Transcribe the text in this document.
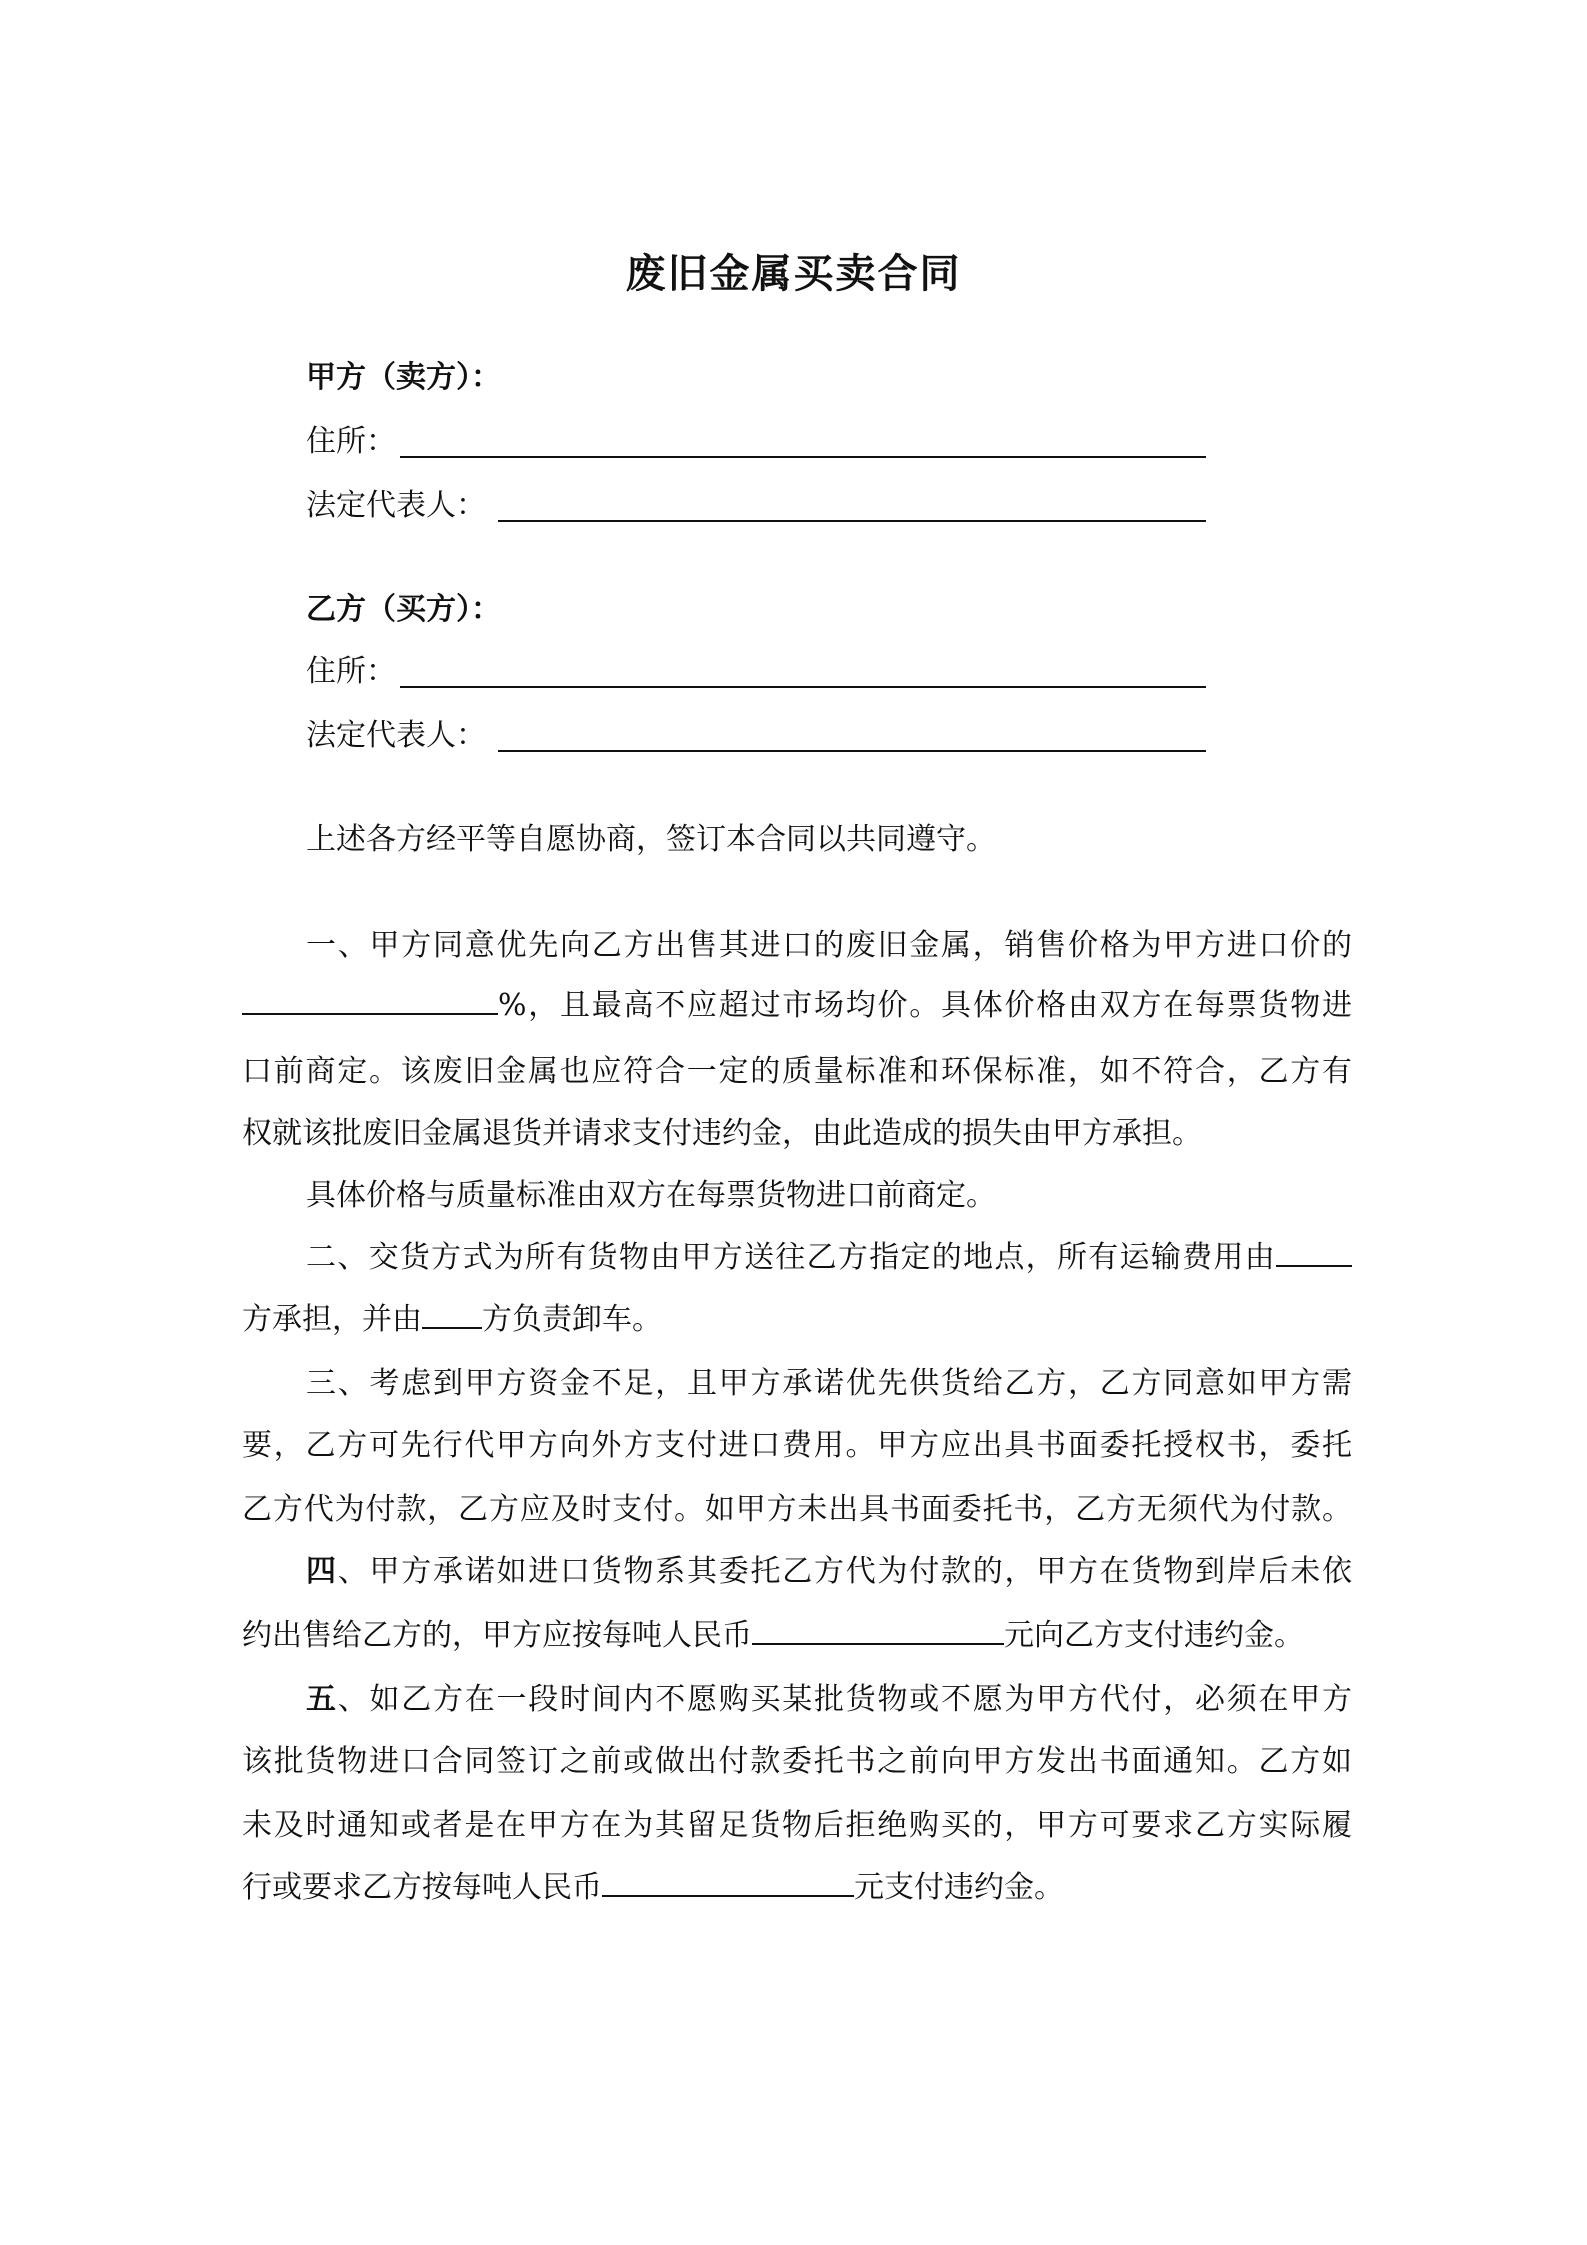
废旧金属买卖合同
甲方（卖方）：
住所：
法定代表人：
乙方（买方）：
住所：
法定代表人：
上述各方经平等自愿协商，签订本合同以共同遵守。
一、甲方同意优先向乙方出售其进口的废旧金属，销售价格为甲方进口价的
%，且最高不应超过市场均价。具体价格由双方在每票货物进
口前商定。该废旧金属也应符合一定的质量标准和环保标准，如不符合，乙方有
权就该批废旧金属退货并请求支付违约金，由此造成的损失由甲方承担。
具体价格与质量标准由双方在每票货物进口前商定。
二、交货方式为所有货物由甲方送往乙方指定的地点，所有运输费用由
方承担，并由 方负责卸车。
三、考虑到甲方资金不足，且甲方承诺优先供货给乙方，乙方同意如甲方需
要，乙方可先行代甲方向外方支付进口费用。甲方应出具书面委托授权书，委托
乙方代为付款，乙方应及时支付。如甲方未出具书面委托书，乙方无须代为付款。
四、甲方承诺如进口货物系其委托乙方代为付款的，甲方在货物到岸后未依
约出售给乙方的，甲方应按每吨人民币	元向乙方支付违约金。
五、如乙方在一段时间内不愿购买某批货物或不愿为甲方代付，必须在甲方
该批货物进口合同签订之前或做出付款委托书之前向甲方发出书面通知。乙方如
未及时通知或者是在甲方在为其留足货物后拒绝购买的，甲方可要求乙方实际履
行或要求乙方按每吨人民币	元支付违约金。
